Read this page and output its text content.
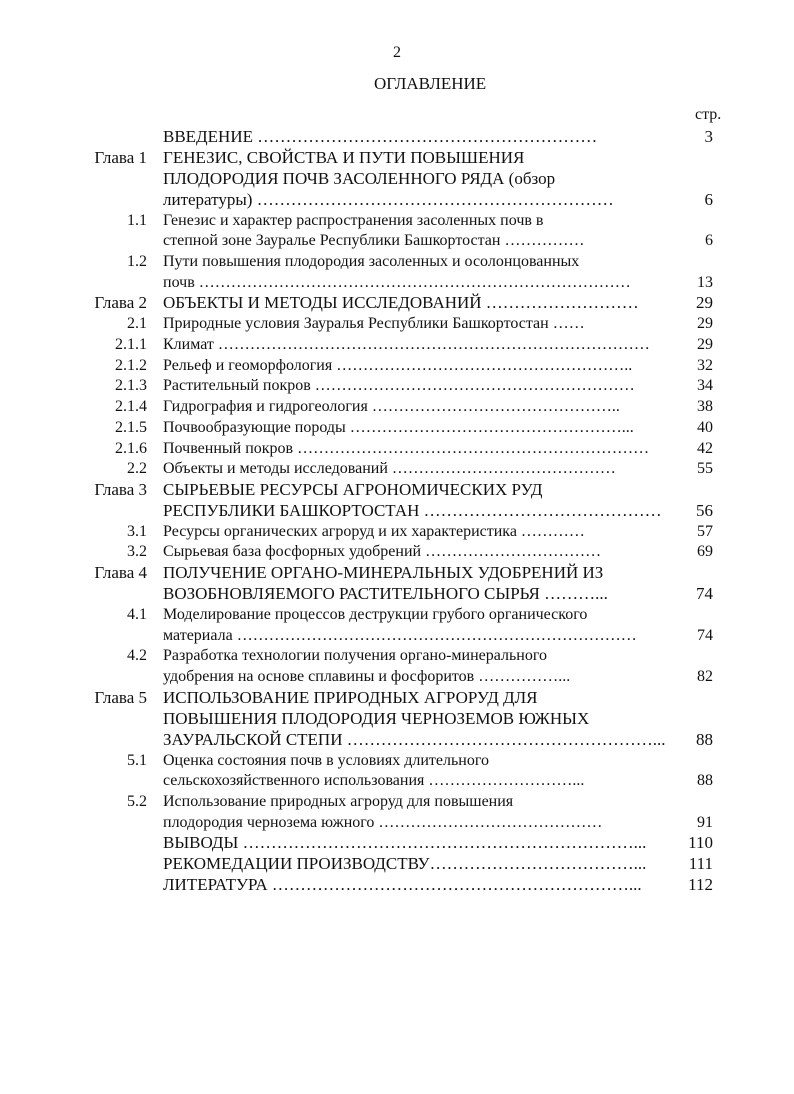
2
ОГЛАВЛЕНИЕ
стр.
ВВЕДЕНИЕ ……………………………………………………	3
Глава 1 ГЕНЕЗИС, СВОЙСТВА И ПУТИ ПОВЫШЕНИЯ
ПЛОДОРОДИЯ ПОЧВ ЗАСОЛЕННОГО РЯДА (обзор
литературы) ………………………………………………………	6
1.1	Генезис и характер распространения засоленных почв в
степной зоне Зауралье Республики Башкортостан ……………	6
1.2	Пути повышения плодородия засоленных и осолонцованных
почв ………………………………………………………………………	13
Глава 2 ОБЪЕКТЫ И МЕТОДЫ ИССЛЕДОВАНИЙ ………………………	29
2.1	Природные условия Зауралья Республики Башкортостан ……	29
2.1.1	Климат ………………………………………………………………………	29
2.1.2	Рельеф и геоморфология ………………………………………………..	32
2.1.3	Растительный покров ……………………………………………………	34
2.1.4	Гидрография и гидрогеология ………………………………………..	38
2.1.5	Почвообразующие породы ……………………………………………...	40
2.1.6	Почвенный покров …………………………………………………………	42
2.2	Объекты и методы исследований ……………………………………	55
Глава 3 СЫРЬЕВЫЕ РЕСУРСЫ АГРОНОМИЧЕСКИХ РУД
РЕСПУБЛИКИ БАШКОРТОСТАН ……………………………………	56
3.1	Ресурсы органических агроруд и их характеристика …………	57
3.2	Сырьевая база фосфорных удобрений ……………………………	69
Глава 4 ПОЛУЧЕНИЕ ОРГАНО-МИНЕРАЛЬНЫХ УДОБРЕНИЙ ИЗ
ВОЗОБНОВЛЯЕМОГО РАСТИТЕЛЬНОГО СЫРЬЯ ………...	74
4.1	Моделирование процессов деструкции грубого органического
материала …………………………………………………………………	74
4.2	Разработка технологии получения органо-минерального
удобрения на основе сплавины и фосфоритов ……………...	82
Глава 5 ИСПОЛЬЗОВАНИЕ ПРИРОДНЫХ АГРОРУД ДЛЯ
ПОВЫШЕНИЯ ПЛОДОРОДИЯ ЧЕРНОЗЕМОВ ЮЖНЫХ
ЗАУРАЛЬСКОЙ СТЕПИ ………………………………………………...	88
5.1	Оценка состояния почв в условиях длительного
сельскохозяйственного использования ………………………...	88
5.2	Использование природных агроруд для повышения
плодородия чернозема южного ……………………………………	91
ВЫВОДЫ ……………………………………………………………...	110
РЕКОМЕДАЦИИ ПРОИЗВОДСТВУ………………………………...	111
ЛИТЕРАТУРА ………………………………………………………...	112
